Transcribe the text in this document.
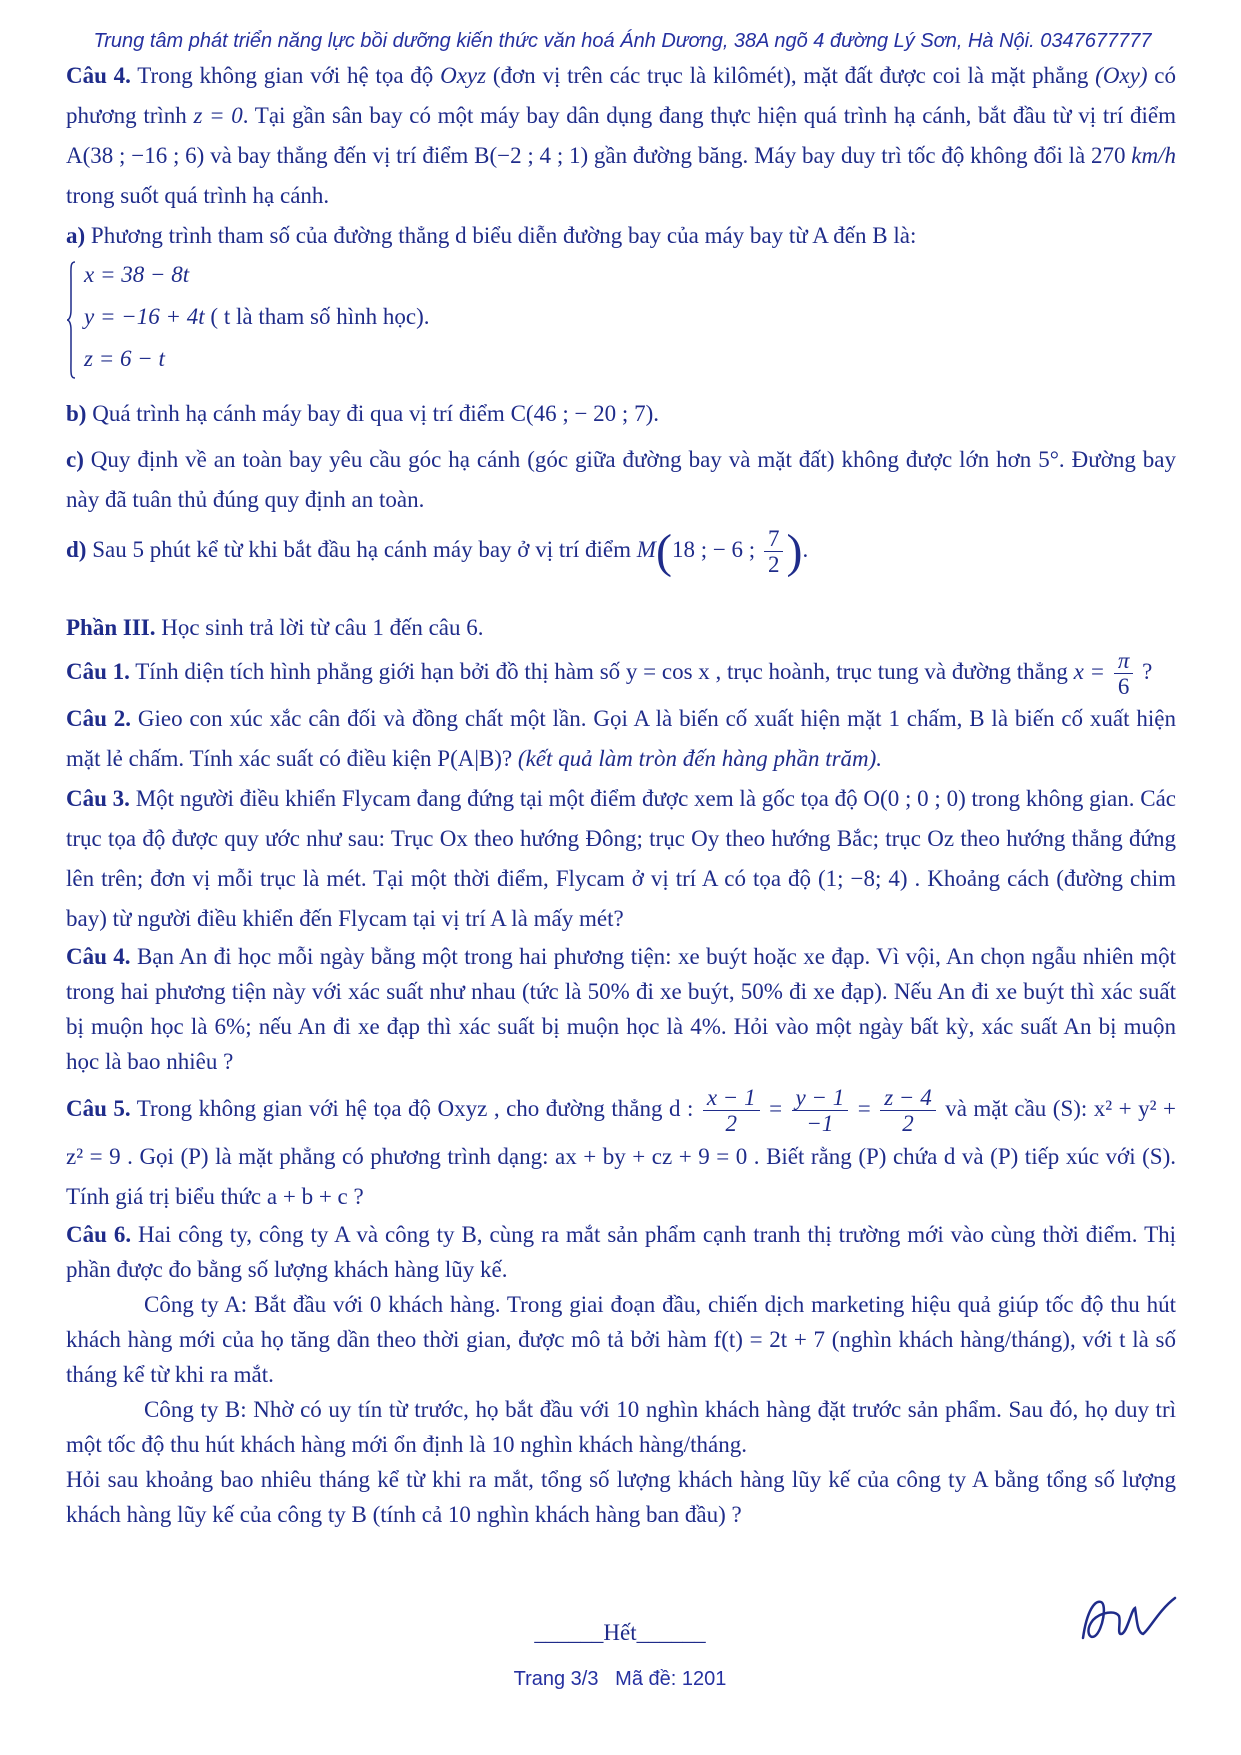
Trung tâm phát triển năng lực bồi dưỡng kiến thức văn hoá Ánh Dương, 38A ngõ 4 đường Lý Sơn, Hà Nội. 0347677777

Câu 4. Trong không gian với hệ tọa độ Oxyz (đơn vị trên các trục là kilômét), mặt đất được coi là mặt phẳng (Oxy) có phương trình z = 0. Tại gần sân bay có một máy bay dân dụng đang thực hiện quá trình hạ cánh, bắt đầu từ vị trí điểm A(38 ; −16 ; 6) và bay thẳng đến vị trí điểm B(−2 ; 4 ; 1) gần đường băng. Máy bay duy trì tốc độ không đổi là 270 km/h trong suốt quá trình hạ cánh.

a) Phương trình tham số của đường thẳng d biểu diễn đường bay của máy bay từ A đến B là:

x = 38 − 8t
y = −16 + 4t ( t là tham số hình học).
z = 6 − t

b) Quá trình hạ cánh máy bay đi qua vị trí điểm C(46 ; − 20 ; 7).

c) Quy định về an toàn bay yêu cầu góc hạ cánh (góc giữa đường bay và mặt đất) không được lớn hơn 5°. Đường bay này đã tuân thủ đúng quy định an toàn.

d) Sau 5 phút kể từ khi bắt đầu hạ cánh máy bay ở vị trí điểm M(18 ; − 6 ; $\frac{7}{2}$ ).

Phần III. Học sinh trả lời từ câu 1 đến câu 6.

Câu 1. Tính diện tích hình phẳng giới hạn bởi đồ thị hàm số y = cos x , trục hoành, trục tung và đường thẳng $x = \frac{\pi}{6}$ ?

Câu 2. Gieo con xúc xắc cân đối và đồng chất một lần. Gọi A là biến cố xuất hiện mặt 1 chấm, B là biến cố xuất hiện mặt lẻ chấm. Tính xác suất có điều kiện P(A|B)? (kết quả làm tròn đến hàng phần trăm).

Câu 3. Một người điều khiển Flycam đang đứng tại một điểm được xem là gốc tọa độ O(0 ; 0 ; 0) trong không gian. Các trục tọa độ được quy ước như sau: Trục Ox theo hướng Đông; trục Oy theo hướng Bắc; trục Oz theo hướng thẳng đứng lên trên; đơn vị mỗi trục là mét. Tại một thời điểm, Flycam ở vị trí A có tọa độ (1; −8; 4) . Khoảng cách (đường chim bay) từ người điều khiển đến Flycam tại vị trí A là mấy mét?

Câu 4. Bạn An đi học mỗi ngày bằng một trong hai phương tiện: xe buýt hoặc xe đạp. Vì vội, An chọn ngẫu nhiên một trong hai phương tiện này với xác suất như nhau (tức là 50% đi xe buýt, 50% đi xe đạp). Nếu An đi xe buýt thì xác suất bị muộn học là 6%; nếu An đi xe đạp thì xác suất bị muộn học là 4%. Hỏi vào một ngày bất kỳ, xác suất An bị muộn học là bao nhiêu ?

Câu 5. Trong không gian với hệ tọa độ Oxyz , cho đường thẳng d : $\frac{x - 1}{2} = \frac{y - 1}{-1} = \frac{z - 4}{2}$ và mặt cầu (S): x² + y² + z² = 9 . Gọi (P) là mặt phẳng có phương trình dạng: ax + by + cz + 9 = 0 . Biết rằng (P) chứa d và (P) tiếp xúc với (S). Tính giá trị biểu thức a + b + c ?

Câu 6. Hai công ty, công ty A và công ty B, cùng ra mắt sản phẩm cạnh tranh thị trường mới vào cùng thời điểm. Thị phần được đo bằng số lượng khách hàng lũy kế.

Công ty A: Bắt đầu với 0 khách hàng. Trong giai đoạn đầu, chiến dịch marketing hiệu quả giúp tốc độ thu hút khách hàng mới của họ tăng dần theo thời gian, được mô tả bởi hàm f(t) = 2t + 7 (nghìn khách hàng/tháng), với t là số tháng kể từ khi ra mắt.

Công ty B: Nhờ có uy tín từ trước, họ bắt đầu với 10 nghìn khách hàng đặt trước sản phẩm. Sau đó, họ duy trì một tốc độ thu hút khách hàng mới ổn định là 10 nghìn khách hàng/tháng.

Hỏi sau khoảng bao nhiêu tháng kể từ khi ra mắt, tổng số lượng khách hàng lũy kế của công ty A bằng tổng số lượng khách hàng lũy kế của công ty B (tính cả 10 nghìn khách hàng ban đầu) ?

______Hết______
Trang 3/3 Mã đề: 1201
